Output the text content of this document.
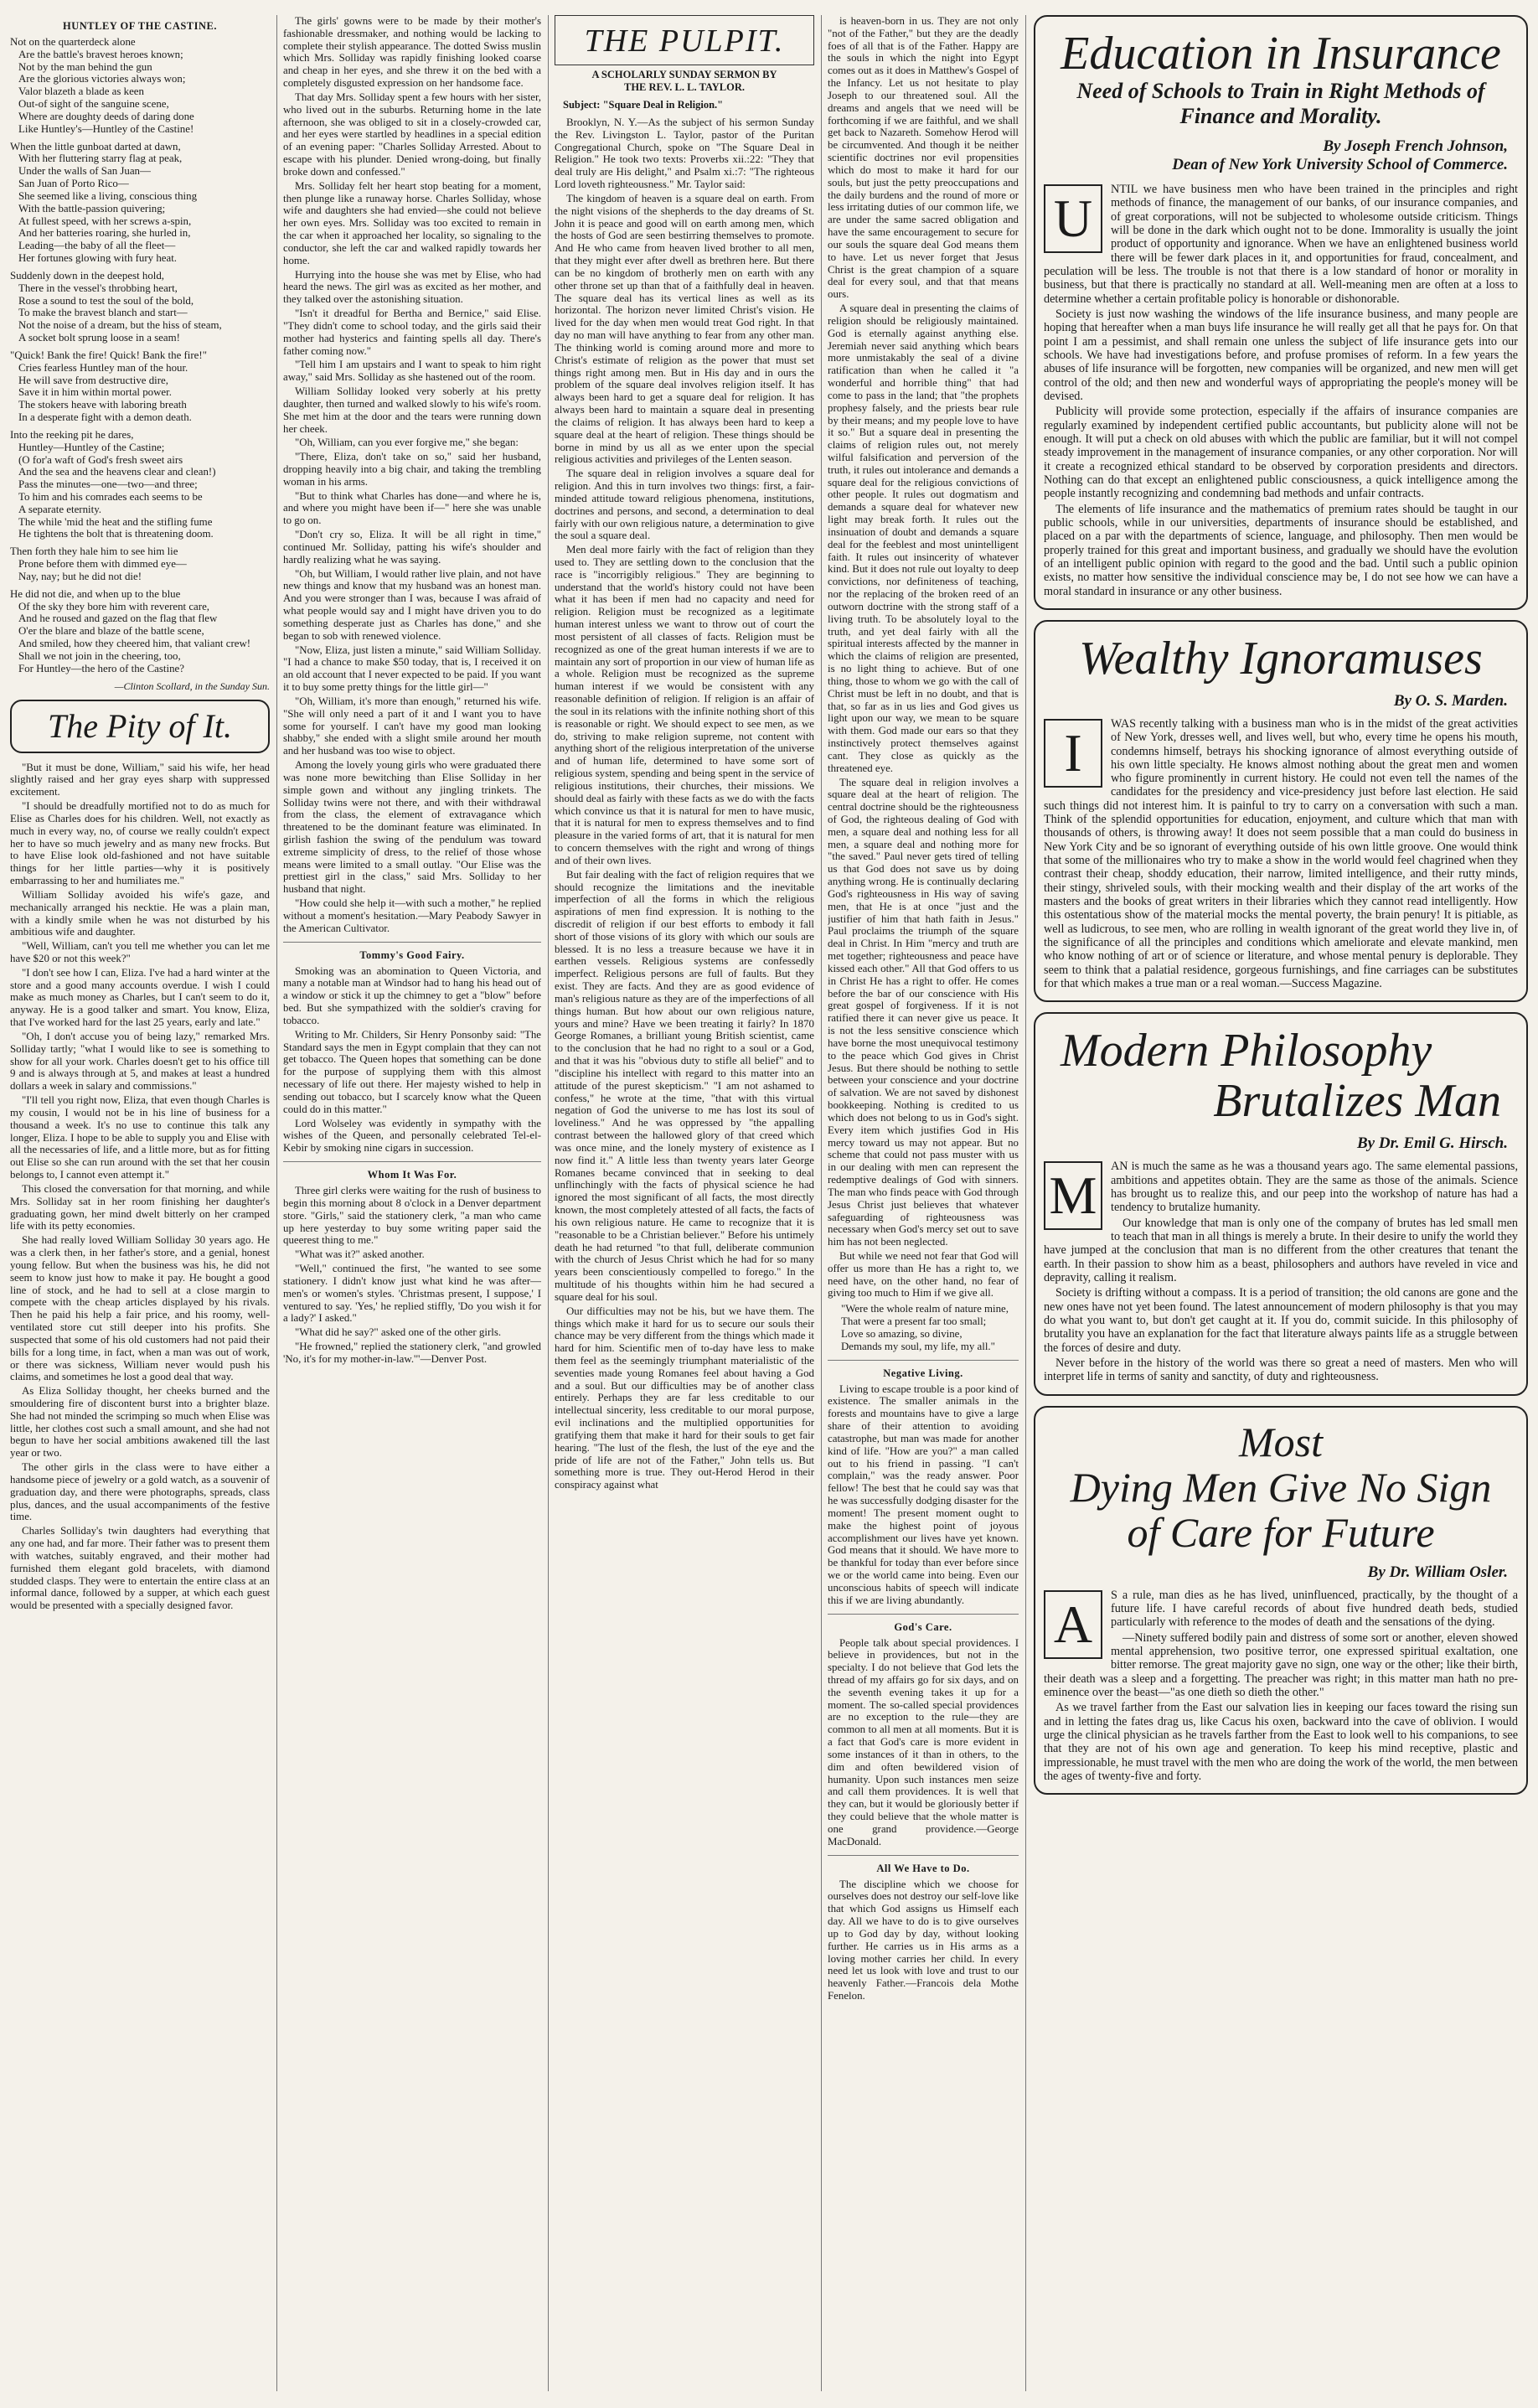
HUNTLEY OF THE CASTINE.

Not on the quarterdeck alone

Are the battle's bravest heroes known;

Not by the man behind the gun

Are the glorious victories always won;

Valor blazeth a blade as keen

Out-of sight of the sanguine scene,

Where are doughty deeds of daring done

Like Huntley's—Huntley of the Castine!

When the little gunboat darted at dawn,

With her fluttering starry flag at peak,

Under the walls of San Juan—

San Juan of Porto Rico—

She seemed like a living, conscious thing

With the battle-passion quivering;

At fullest speed, with her screws a-spin,

And her batteries roaring, she hurled in,

Leading—the baby of all the fleet—

Her fortunes glowing with fury heat.

Suddenly down in the deepest hold,

There in the vessel's throbbing heart,

Rose a sound to test the soul of the bold,

To make the bravest blanch and start—

Not the noise of a dream, but the hiss of steam,

A socket bolt sprung loose in a seam!

"Quick! Bank the fire! Quick! Bank the fire!"

Cries fearless Huntley man of the hour.

He will save from destructive dire,

Save it in him within mortal power.

The stokers heave with laboring breath

In a desperate fight with a demon death.

Into the reeking pit he dares,

Huntley—Huntley of the Castine;

(O for'a waft of God's fresh sweet airs

And the sea and the heavens clear and clean!)

Pass the minutes—one—two—and three;

To him and his comrades each seems to be

A separate eternity.

The while 'mid the heat and the stifling fume

He tightens the bolt that is threatening doom.

Then forth they hale him to see him lie

Prone before them with dimmed eye—

Nay, nay; but he did not die!

He did not die, and when up to the blue

Of the sky they bore him with reverent care,

And he roused and gazed on the flag that flew

O'er the blare and blaze of the battle scene,

And smiled, how they cheered him, that valiant crew!

Shall we not join in the cheering, too,

For Huntley—the hero of the Castine?

—Clinton Scollard, in the Sunday Sun.
The Pity of It.

"But it must be done, William," said his wife, her head slightly raised and her gray eyes sharp with suppressed excitement.

"I should be dreadfully mortified not to do as much for Elise as Charles does for his children. Well, not exactly as much in every way, no, of course we really couldn't expect her to have so much jewelry and as many new frocks. But to have Elise look old-fashioned and not have suitable things for her little parties—why it is positively embarrassing to her and humiliates me."

William Solliday avoided his wife's gaze, and mechanically arranged his necktie. He was a plain man, with a kindly smile when he was not disturbed by his ambitious wife and daughter.

"Well, William, can't you tell me whether you can let me have $20 or not this week?"

"I don't see how I can, Eliza. I've had a hard winter at the store and a good many accounts overdue. I wish I could make as much money as Charles, but I can't seem to do it, anyway. He is a good talker and smart. You know, Eliza, that I've worked hard for the last 25 years, early and late."

"Oh, I don't accuse you of being lazy," remarked Mrs. Solliday tartly; "what I would like to see is something to show for all your work. Charles doesn't get to his office till 9 and is always through at 5, and makes at least a hundred dollars a week in salary and commissions."

"I'll tell you right now, Eliza, that even though Charles is my cousin, I would not be in his line of business for a thousand a week. It's no use to continue this talk any longer, Eliza. I hope to be able to supply you and Elise with all the necessaries of life, and a little more, but as for fitting out Elise so she can run around with the set that her cousin belongs to, I cannot even attempt it."

This closed the conversation for that morning, and while Mrs. Solliday sat in her room finishing her daughter's graduating gown, her mind dwelt bitterly on her cramped life with its petty economies.

She had really loved William Solliday 30 years ago. He was a clerk then, in her father's store, and a genial, honest young fellow. But when the business was his, he did not seem to know just how to make it pay. He bought a good line of stock, and he had to sell at a close margin to compete with the cheap articles displayed by his rivals. Then he paid his help a fair price, and his roomy, well-ventilated store cut still deeper into his profits. She suspected that some of his old customers had not paid their bills for a long time, in fact, when a man was out of work, or there was sickness, William never would push his claims, and sometimes he lost a good deal that way.

As Eliza Solliday thought, her cheeks burned and the smouldering fire of discontent burst into a brighter blaze. She had not minded the scrimping so much when Elise was little, her clothes cost such a small amount, and she had not begun to have her social ambitions awakened till the last year or two.

The other girls in the class were to have either a handsome piece of jewelry or a gold watch, as a souvenir of graduation day, and there were photographs, spreads, class plus, dances, and the usual accompaniments of the festive time.

Charles Solliday's twin daughters had everything that any one had, and far more. Their father was to present them with watches, suitably engraved, and their mother had furnished them elegant gold bracelets, with diamond studded clasps. They were to entertain the entire class at an informal dance, followed by a supper, at which each guest would be presented with a specially designed favor.

The girls' gowns were to be made by their mother's fashionable dressmaker, and nothing would be lacking to complete their stylish appearance. The dotted Swiss muslin which Mrs. Solliday was rapidly finishing looked coarse and cheap in her eyes, and she threw it on the bed with a completely disgusted expression on her handsome face.

That day Mrs. Solliday spent a few hours with her sister, who lived out in the suburbs. Returning home in the late afternoon, she was obliged to sit in a closely-crowded car, and her eyes were startled by headlines in a special edition of an evening paper: "Charles Solliday Arrested. About to escape with his plunder. Denied wrong-doing, but finally broke down and confessed."

Mrs. Solliday felt her heart stop beating for a moment, then plunge like a runaway horse. Charles Solliday, whose wife and daughters she had envied—she could not believe her own eyes. Mrs. Solliday was too excited to remain in the car when it approached her locality, so signaling to the conductor, she left the car and walked rapidly towards her home.

Hurrying into the house she was met by Elise, who had heard the news. The girl was as excited as her mother, and they talked over the astonishing situation.

"Isn't it dreadful for Bertha and Bernice," said Elise. "They didn't come to school today, and the girls said their mother had hysterics and fainting spells all day. There's father coming now."

"Tell him I am upstairs and I want to speak to him right away," said Mrs. Solliday as she hastened out of the room.

William Solliday looked very soberly at his pretty daughter, then turned and walked slowly to his wife's room. She met him at the door and the tears were running down her cheek.

"Oh, William, can you ever forgive me," she began:

"There, Eliza, don't take on so," said her husband, dropping heavily into a big chair, and taking the trembling woman in his arms.

"But to think what Charles has done—and where he is, and where you might have been if—" here she was unable to go on.

"Don't cry so, Eliza. It will be all right in time," continued Mr. Solliday, patting his wife's shoulder and hardly realizing what he was saying.

"Oh, but William, I would rather live plain, and not have new things and know that my husband was an honest man. And you were stronger than I was, because I was afraid of what people would say and I might have driven you to do something desperate just as Charles has done," and she began to sob with renewed violence.

"Now, Eliza, just listen a minute," said William Solliday. "I had a chance to make $50 today, that is, I received it on an old account that I never expected to be paid. If you want it to buy some pretty things for the little girl—"

"Oh, William, it's more than enough," returned his wife. "She will only need a part of it and I want you to have some for yourself. I can't have my good man looking shabby," she ended with a slight smile around her mouth and her husband was too wise to object.

Among the lovely young girls who were graduated there was none more bewitching than Elise Solliday in her simple gown and without any jingling trinkets. The Solliday twins were not there, and with their withdrawal from the class, the element of extravagance which threatened to be the dominant feature was eliminated. In girlish fashion the swing of the pendulum was toward extreme simplicity of dress, to the relief of those whose means were limited to a small outlay. "Our Elise was the prettiest girl in the class," said Mrs. Solliday to her husband that night.

"How could she help it—with such a mother," he replied without a moment's hesitation.—Mary Peabody Sawyer in the American Cultivator.

Tommy's Good Fairy.

Smoking was an abomination to Queen Victoria, and many a notable man at Windsor had to hang his head out of a window or stick it up the chimney to get a "blow" before bed. But she sympathized with the soldier's craving for tobacco.

Writing to Mr. Childers, Sir Henry Ponsonby said: "The Standard says the men in Egypt complain that they can not get tobacco. The Queen hopes that something can be done for the purpose of supplying them with this almost necessary of life out there. Her majesty wished to help in sending out tobacco, but I scarcely know what the Queen could do in this matter."

Lord Wolseley was evidently in sympathy with the wishes of the Queen, and personally celebrated Tel-el-Kebir by smoking nine cigars in succession.

Whom It Was For.

Three girl clerks were waiting for the rush of business to begin this morning about 8 o'clock in a Denver department store. "Girls," said the stationery clerk, "a man who came up here yesterday to buy some writing paper said the queerest thing to me."

"What was it?" asked another.

"Well," continued the first, "he wanted to see some stationery. I didn't know just what kind he was after—men's or women's styles. 'Christmas present, I suppose,' I ventured to say. 'Yes,' he replied stiffly, 'Do you wish it for a lady?' I asked."

"What did he say?" asked one of the other girls.

"He frowned," replied the stationery clerk, "and growled 'No, it's for my mother-in-law.'"—Denver Post.

THE PULPIT.
A SCHOLARLY SUNDAY SERMON BY
THE REV. L. L. TAYLOR.
Subject: "Square Deal in Religion."

Brooklyn, N. Y.—As the subject of his sermon Sunday the Rev. Livingston L. Taylor, pastor of the Puritan Congregational Church, spoke on "The Square Deal in Religion." He took two texts: Proverbs xii.:22: "They that deal truly are His delight," and Psalm xi.:7: "The righteous Lord loveth righteousness." Mr. Taylor said:

The kingdom of heaven is a square deal on earth. From the night visions of the shepherds to the day dreams of St. John it is peace and good will on earth among men, which the hosts of God are seen bestirring themselves to promote. And He who came from heaven lived brother to all men, that they might ever after dwell as brethren here. But there can be no kingdom of brotherly men on earth with any other throne set up than that of a faithfully deal in heaven. The square deal has its vertical lines as well as its horizontal. The horizon never limited Christ's vision. He lived for the day when men would treat God right. In that day no man will have anything to fear from any other man. The thinking world is coming around more and more to Christ's estimate of religion as the power that must set things right among men. But in His day and in ours the problem of the square deal involves religion itself. It has always been hard to get a square deal for religion. It has always been hard to maintain a square deal in presenting the claims of religion. It has always been hard to keep a square deal at the heart of religion. These things should be borne in mind by us all as we enter upon the special religious activities and privileges of the Lenten season.

The square deal in religion involves a square deal for religion. And this in turn involves two things: first, a fair-minded attitude toward religious phenomena, institutions, doctrines and persons, and second, a determination to deal fairly with our own religious nature, a determination to give the soul a square deal.

Men deal more fairly with the fact of religion than they used to. They are settling down to the conclusion that the race is "incorrigibly religious." They are beginning to understand that the world's history could not have been what it has been if men had no capacity and need for religion. Religion must be recognized as a legitimate human interest unless we want to throw out of court the most persistent of all classes of facts. Religion must be recognized as one of the great human interests if we are to maintain any sort of proportion in our view of human life as a whole. Religion must be recognized as the supreme human interest if we would be consistent with any reasonable definition of religion. If religion is an affair of the soul in its relations with the infinite nothing short of this is reasonable or right. We should expect to see men, as we do, striving to make religion supreme, not content with anything short of the religious interpretation of the universe and of human life, determined to have some sort of religious system, spending and being spent in the service of religious institutions, their churches, their missions. We should deal as fairly with these facts as we do with the facts which convince us that it is natural for men to have music, that it is natural for men to express themselves and to find pleasure in the varied forms of art, that it is natural for men to concern themselves with the right and wrong of things and of their own lives.

But fair dealing with the fact of religion requires that we should recognize the limitations and the inevitable imperfection of all the forms in which the religious aspirations of men find expression. It is nothing to the discredit of religion if our best efforts to embody it fall short of those visions of its glory with which our souls are blessed. It is no less a treasure because we have it in earthen vessels. Religious systems are confessedly imperfect. Religious persons are full of faults. But they exist. They are facts. And they are as good evidence of man's religious nature as they are of the imperfections of all things human. But how about our own religious nature, yours and mine? Have we been treating it fairly? In 1870 George Romanes, a brilliant young British scientist, came to the conclusion that he had no right to a soul or a God, and that it was his "obvious duty to stifle all belief" and to "discipline his intellect with regard to this matter into an attitude of the purest skepticism." "I am not ashamed to confess," he wrote at the time, "that with this virtual negation of God the universe to me has lost its soul of loveliness." And he was oppressed by "the appalling contrast between the hallowed glory of that creed which was once mine, and the lonely mystery of existence as I now find it." A little less than twenty years later George Romanes became convinced that in seeking to deal unflinchingly with the facts of physical science he had ignored the most significant of all facts, the most directly known, the most completely attested of all facts, the facts of his own religious nature. He came to recognize that it is "reasonable to be a Christian believer." Before his untimely death he had returned "to that full, deliberate communion with the church of Jesus Christ which he had for so many years been conscientiously compelled to forego." In the multitude of his thoughts within him he had secured a square deal for his soul.

Our difficulties may not be his, but we have them. The things which make it hard for us to secure our souls their chance may be very different from the things which made it hard for him. Scientific men of to-day have less to make them feel as the seemingly triumphant materialistic of the seventies made young Romanes feel about having a God and a soul. But our difficulties may be of another class entirely. Perhaps they are far less creditable to our intellectual sincerity, less creditable to our moral purpose, evil inclinations and the multiplied opportunities for gratifying them that make it hard for their souls to get fair hearing. "The lust of the flesh, the lust of the eye and the pride of life are not of the Father," John tells us. But something more is true. They out-Herod Herod in their conspiracy against what

is heaven-born in us. They are not only "not of the Father," but they are the deadly foes of all that is of the Father. Happy are the souls in which the night into Egypt comes out as it does in Matthew's Gospel of the Infancy. Let us not hesitate to play Joseph to our threatened soul. All the dreams and angels that we need will be forthcoming if we are faithful, and we shall get back to Nazareth. Somehow Herod will be circumvented. And though it be neither scientific doctrines nor evil propensities which do most to make it hard for our souls, but just the petty preoccupations and the daily burdens and the round of more or less irritating duties of our common life, we are under the same sacred obligation and have the same encouragement to secure for our souls the square deal God means them to have. Let us never forget that Jesus Christ is the great champion of a square deal for every soul, and that that means ours.

A square deal in presenting the claims of religion should be religiously maintained. God is eternally against anything else. Jeremiah never said anything which bears more unmistakably the seal of a divine ratification than when he called it "a wonderful and horrible thing" that had come to pass in the land; that "the prophets prophesy falsely, and the priests bear rule by their means; and my people love to have it so." But a square deal in presenting the claims of religion rules out, not merely wilful falsification and perversion of the truth, it rules out intolerance and demands a square deal for the religious convictions of other people. It rules out dogmatism and demands a square deal for whatever new light may break forth. It rules out the insinuation of doubt and demands a square deal for the feeblest and most unintelligent faith. It rules out insincerity of whatever kind. But it does not rule out loyalty to deep convictions, nor definiteness of teaching, nor the replacing of the broken reed of an outworn doctrine with the strong staff of a living truth. To be absolutely loyal to the truth, and yet deal fairly with all the spiritual interests affected by the manner in which the claims of religion are presented, is no light thing to achieve. But of one thing, those to whom we go with the call of Christ must be left in no doubt, and that is that, so far as in us lies and God gives us light upon our way, we mean to be square with them. God made our ears so that they instinctively protect themselves against cant. They close as quickly as the threatened eye.

The square deal in religion involves a square deal at the heart of religion. The central doctrine should be the righteousness of God, the righteous dealing of God with men, a square deal and nothing less for all men, a square deal and nothing more for "the saved." Paul never gets tired of telling us that God does not save us by doing anything wrong. He is continually declaring God's righteousness in His way of saving men, that He is at once "just and the justifier of him that hath faith in Jesus." Paul proclaims the triumph of the square deal in Christ. In Him "mercy and truth are met together; righteousness and peace have kissed each other." All that God offers to us in Christ He has a right to offer. He comes before the bar of our conscience with His great gospel of forgiveness. If it is not ratified there it can never give us peace. It is not the less sensitive conscience which have borne the most unequivocal testimony to the peace which God gives in Christ Jesus. But there should be nothing to settle between your conscience and your doctrine of salvation. We are not saved by dishonest bookkeeping. Nothing is credited to us which does not belong to us in God's sight. Every item which justifies God in His mercy toward us may not appear. But no scheme that could not pass muster with us in our dealing with men can represent the redemptive dealings of God with sinners. The man who finds peace with God through Jesus Christ just believes that whatever safeguarding of righteousness was necessary when God's mercy set out to save him has not been neglected.

But while we need not fear that God will offer us more than He has a right to, we need have, on the other hand, no fear of giving too much to Him if we give all.

"Were the whole realm of nature mine,

That were a present far too small;

Love so amazing, so divine,

Demands my soul, my life, my all."

Negative Living.

Living to escape trouble is a poor kind of existence. The smaller animals in the forests and mountains have to give a large share of their attention to avoiding catastrophe, but man was made for another kind of life. "How are you?" a man called out to his friend in passing. "I can't complain," was the ready answer. Poor fellow! The best that he could say was that he was successfully dodging disaster for the moment! The present moment ought to make the highest point of joyous accomplishment our lives have yet known. God means that it should. We have more to be thankful for today than ever before since we or the world came into being. Even our unconscious habits of speech will indicate this if we are living abundantly.

God's Care.

People talk about special providences. I believe in providences, but not in the specialty. I do not believe that God lets the thread of my affairs go for six days, and on the seventh evening takes it up for a moment. The so-called special providences are no exception to the rule—they are common to all men at all moments. But it is a fact that God's care is more evident in some instances of it than in others, to the dim and often bewildered vision of humanity. Upon such instances men seize and call them providences. It is well that they can, but it would be gloriously better if they could believe that the whole matter is one grand providence.—George MacDonald.

All We Have to Do.

The discipline which we choose for ourselves does not destroy our self-love like that which God assigns us Himself each day. All we have to do is to give ourselves up to God day by day, without looking further. He carries us in His arms as a loving mother carries her child. In every need let us look with love and trust to our heavenly Father.—Francois dela Mothe Fenelon.

Education in Insurance
Need of Schools to Train in Right Methods of Finance and Morality.
By Joseph French Johnson,
Dean of New York University School of Commerce.
U	NTIL we have business men who have been trained in the principles and right methods of finance, the management of our banks, of our insurance companies, and of great corporations, will not be subjected to wholesome outside criticism. Things will be done in the dark which ought not to be done. Immorality is usually the joint product of opportunity and ignorance. When we have an enlightened business world there will be fewer dark places in it, and opportunities for fraud, concealment, and peculation will be less. The trouble is not that there is a low standard of honor or morality in business, but that there is practically no standard at all. Well-meaning men are often at a loss to determine whether a certain profitable policy is honorable or dishonorable.

Society is just now washing the windows of the life insurance business, and many people are hoping that hereafter when a man buys life insurance he will really get all that he pays for. On that point I am a pessimist, and shall remain one unless the subject of life insurance gets into our schools. We have had investigations before, and profuse promises of reform. In a few years the abuses of life insurance will be forgotten, new companies will be organized, and new men will get control of the old; and then new and wonderful ways of appropriating the people's money will be devised.

Publicity will provide some protection, especially if the affairs of insurance companies are regularly examined by independent certified public accountants, but publicity alone will not be enough. It will put a check on old abuses with which the public are familiar, but it will not compel steady improvement in the management of insurance companies, or any other corporation. Nor will it create a recognized ethical standard to be observed by corporation presidents and directors. Nothing can do that except an enlightened public consciousness, a quick intelligence among the people instantly recognizing and condemning bad methods and unfair contracts.

The elements of life insurance and the mathematics of premium rates should be taught in our public schools, while in our universities, departments of insurance should be established, and placed on a par with the departments of science, language, and philosophy. Then men would be properly trained for this great and important business, and gradually we should have the evolution of an intelligent public opinion with regard to the good and the bad. Until such a public opinion exists, no matter how sensitive the individual conscience may be, I do not see how we can have a moral standard in insurance or any other business.

Wealthy Ignoramuses
By O. S. Marden.
I	WAS recently talking with a business man who is in the midst of the great activities of New York, dresses well, and lives well, but who, every time he opens his mouth, condemns himself, betrays his shocking ignorance of almost everything outside of his own little specialty. He knows almost nothing about the great men and women who figure prominently in current history. He could not even tell the names of the candidates for the presidency and vice-presidency just before last election. He said such things did not interest him. It is painful to try to carry on a conversation with such a man. Think of the splendid opportunities for education, enjoyment, and culture which that man with thousands of others, is throwing away! It does not seem possible that a man could do business in New York City and be so ignorant of everything outside of his own little groove. One would think that some of the millionaires who try to make a show in the world would feel chagrined when they contrast their cheap, shoddy education, their narrow, limited intelligence, and their rutty minds, their stingy, shriveled souls, with their mocking wealth and their display of the art works of the masters and the books of great writers in their libraries which they cannot read intelligently. How this ostentatious show of the material mocks the mental poverty, the brain penury! It is pitiable, as well as ludicrous, to see men, who are rolling in wealth ignorant of the great world they live in, of the significance of all the principles and conditions which ameliorate and elevate mankind, men who know nothing of art or of science or literature, and whose mental penury is deplorable. They seem to think that a palatial residence, gorgeous furnishings, and fine carriages can be substitutes for that which makes a true man or a real woman.—Success Magazine.

Modern Philosophy
Brutalizes Man
By Dr. Emil G. Hirsch.
M	AN is much the same as he was a thousand years ago. The same elemental passions, ambitions and appetites obtain. They are the same as those of the animals. Science has brought us to realize this, and our peep into the workshop of nature has had a tendency to brutalize humanity.

Our knowledge that man is only one of the company of brutes has led small men to teach that man in all things is merely a brute. In their desire to unify the world they have jumped at the conclusion that man is no different from the other creatures that tenant the earth. In their passion to show him as a beast, philosophers and authors have reveled in vice and depravity, calling it realism.

Society is drifting without a compass. It is a period of transition; the old canons are gone and the new ones have not yet been found. The latest announcement of modern philosophy is that you may do what you want to, but don't get caught at it. If you do, commit suicide. In this philosophy of brutality you have an explanation for the fact that literature always paints life as a struggle between the forces of desire and duty.

Never before in the history of the world was there so great a need of masters. Men who will interpret life in terms of sanity and sanctity, of duty and righteousness.

Most
Dying Men Give No Sign
of Care for Future
By Dr. William Osler.
A	S a rule, man dies as he has lived, uninfluenced, practically, by the thought of a future life. I have careful records of about five hundred death beds, studied particularly with reference to the modes of death and the sensations of the dying.

—Ninety suffered bodily pain and distress of some sort or another, eleven showed mental apprehension, two positive terror, one expressed spiritual exaltation, one bitter remorse. The great majority gave no sign, one way or the other; like their birth, their death was a sleep and a forgetting. The preacher was right; in this matter man hath no pre-eminence over the beast—"as one dieth so dieth the other."

As we travel farther from the East our salvation lies in keeping our faces toward the rising sun and in letting the fates drag us, like Cacus his oxen, backward into the cave of oblivion. I would urge the clinical physician as he travels farther from the East to look well to his companions, to see that they are not of his own age and generation. To keep his mind receptive, plastic and impressionable, he must travel with the men who are doing the work of the world, the men between the ages of twenty-five and forty.
